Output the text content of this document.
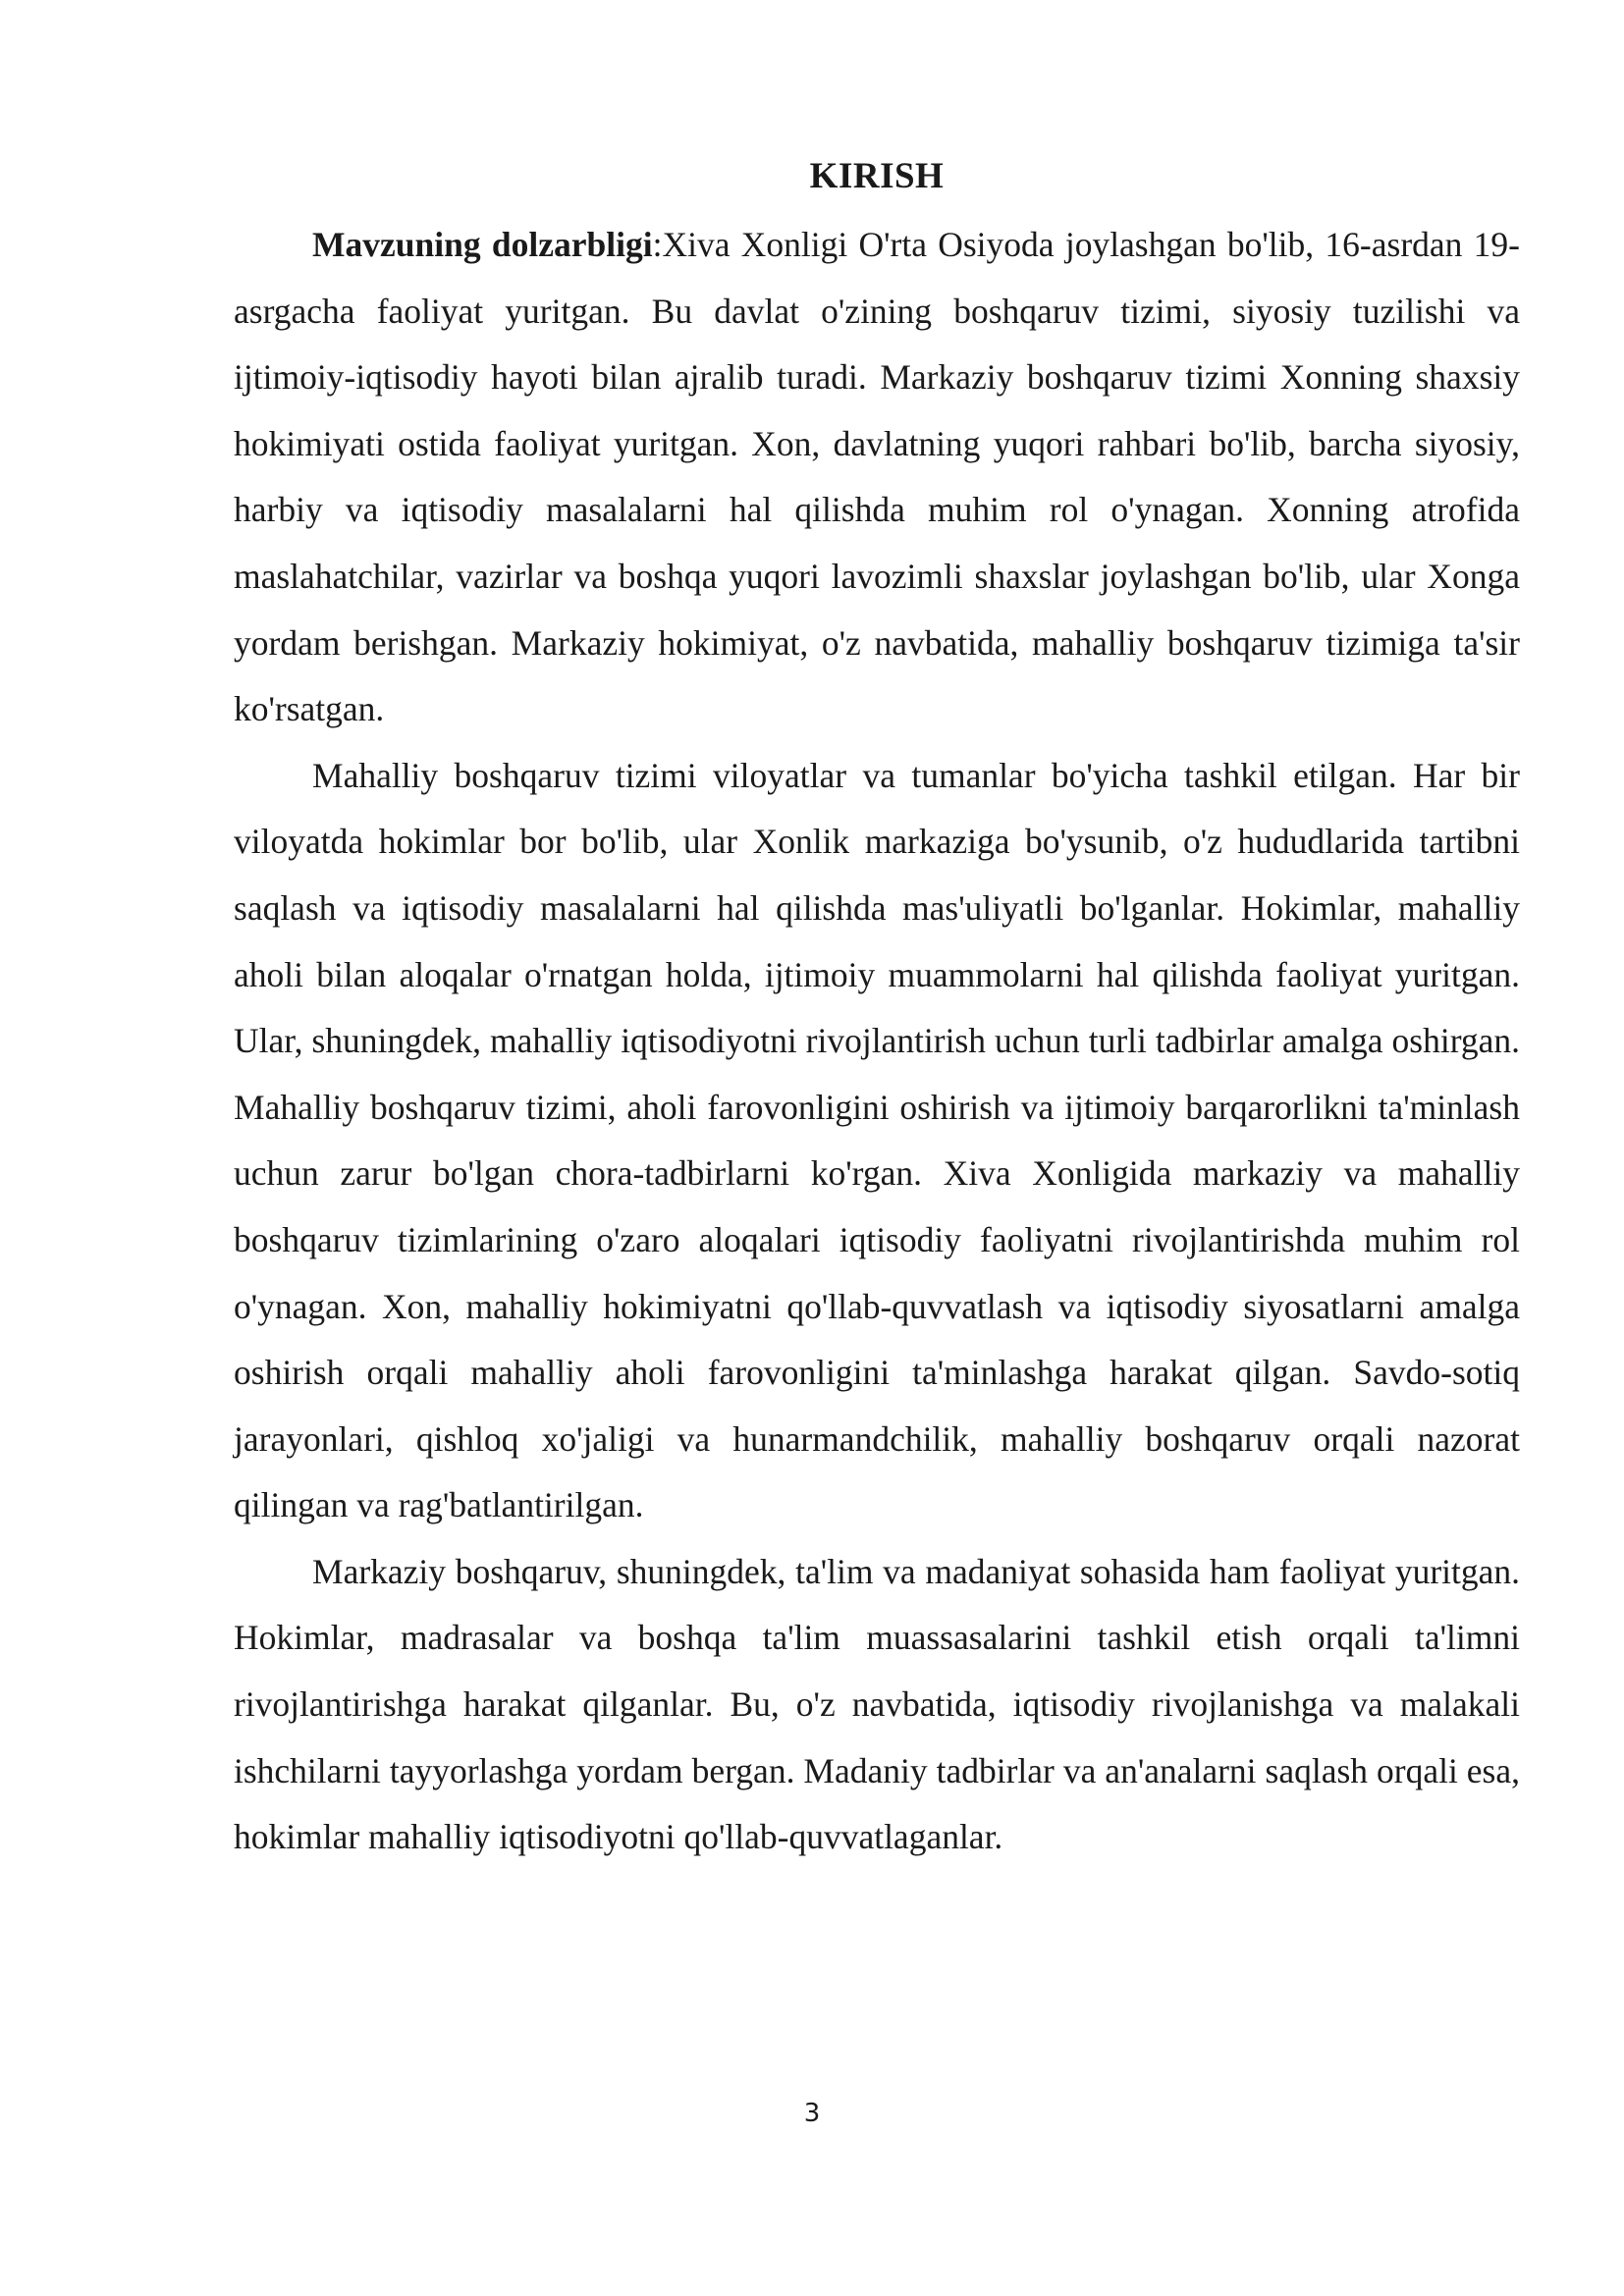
KIRISH

Mavzuning dolzarbligi:Xiva Xonligi O'rta Osiyoda joylashgan bo'lib, 16-asrdan 19-asrgacha faoliyat yuritgan. Bu davlat o'zining boshqaruv tizimi, siyosiy tuzilishi va ijtimoiy-iqtisodiy hayoti bilan ajralib turadi. Markaziy boshqaruv tizimi Xonning shaxsiy hokimiyati ostida faoliyat yuritgan. Xon, davlatning yuqori rahbari bo'lib, barcha siyosiy, harbiy va iqtisodiy masalalarni hal qilishda muhim rol o'ynagan. Xonning atrofida maslahatchilar, vazirlar va boshqa yuqori lavozimli shaxslar joylashgan bo'lib, ular Xonga yordam berishgan. Markaziy hokimiyat, o'z navbatida, mahalliy boshqaruv tizimiga ta'sir ko'rsatgan.

Mahalliy boshqaruv tizimi viloyatlar va tumanlar bo'yicha tashkil etilgan. Har bir viloyatda hokimlar bor bo'lib, ular Xonlik markaziga bo'ysunib, o'z hududlarida tartibni saqlash va iqtisodiy masalalarni hal qilishda mas'uliyatli bo'lganlar. Hokimlar, mahalliy aholi bilan aloqalar o'rnatgan holda, ijtimoiy muammolarni hal qilishda faoliyat yuritgan. Ular, shuningdek, mahalliy iqtisodiyotni rivojlantirish uchun turli tadbirlar amalga oshirgan. Mahalliy boshqaruv tizimi, aholi farovonligini oshirish va ijtimoiy barqarorlikni ta'minlash uchun zarur bo'lgan chora-tadbirlarni ko'rgan. Xiva Xonligida markaziy va mahalliy boshqaruv tizimlarining o'zaro aloqalari iqtisodiy faoliyatni rivojlantirishda muhim rol o'ynagan. Xon, mahalliy hokimiyatni qo'llab-quvvatlash va iqtisodiy siyosatlarni amalga oshirish orqali mahalliy aholi farovonligini ta'minlashga harakat qilgan. Savdo-sotiq jarayonlari, qishloq xo'jaligi va hunarmandchilik, mahalliy boshqaruv orqali nazorat qilingan va rag'batlantirilgan.

Markaziy boshqaruv, shuningdek, ta'lim va madaniyat sohasida ham faoliyat yuritgan. Hokimlar, madrasalar va boshqa ta'lim muassasalarini tashkil etish orqali ta'limni rivojlantirishga harakat qilganlar. Bu, o'z navbatida, iqtisodiy rivojlanishga va malakali ishchilarni tayyorlashga yordam bergan. Madaniy tadbirlar va an'analarni saqlash orqali esa, hokimlar mahalliy iqtisodiyotni qo'llab-quvvatlaganlar.

3
